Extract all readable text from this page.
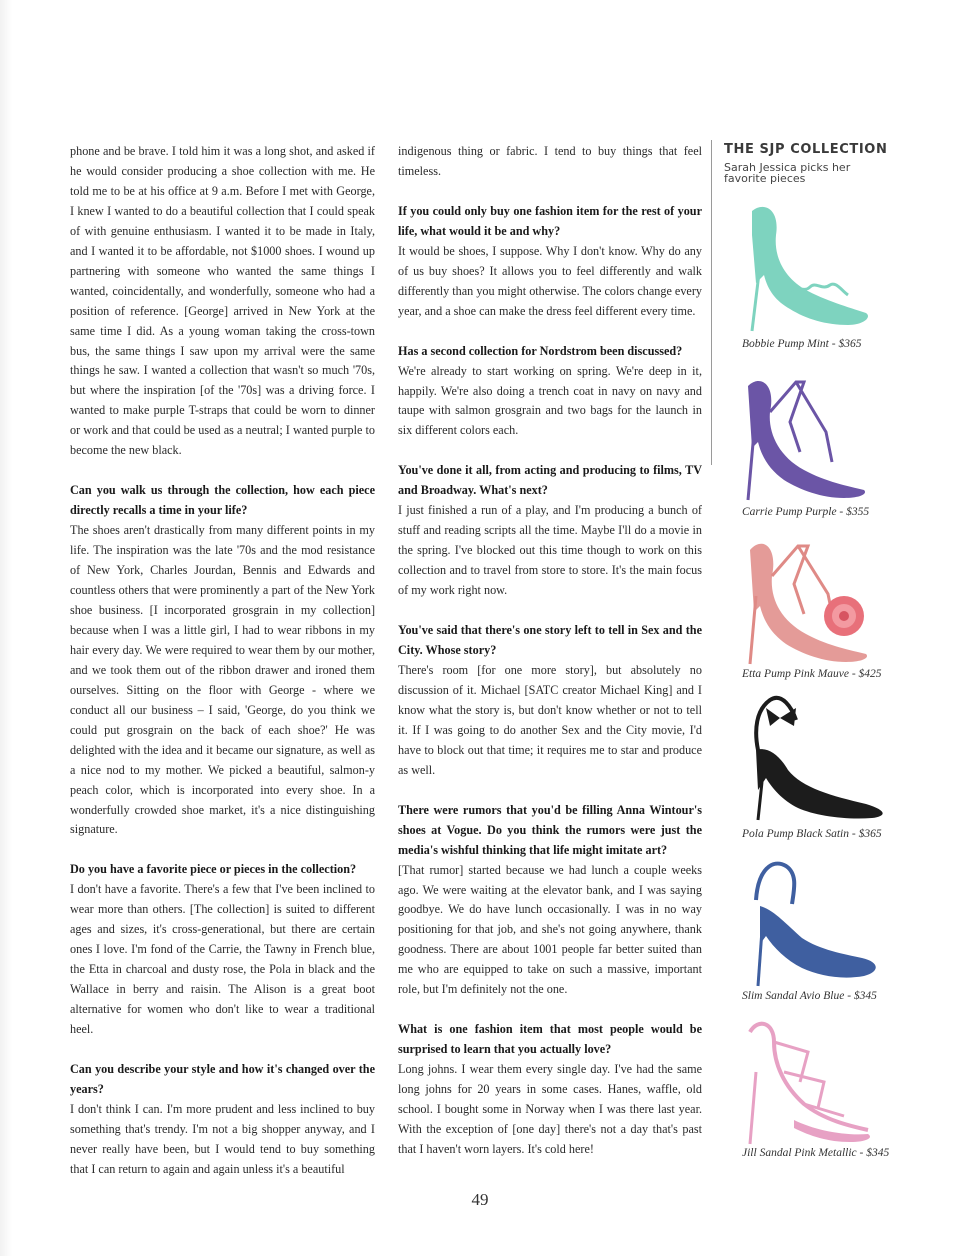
phone and be brave. I told him it was a long shot, and asked if he would consider producing a shoe collection with me. He told me to be at his office at 9 a.m. Before I met with George, I knew I wanted to do a beautiful collection that I could speak of with genuine enthusiasm. I wanted it to be made in Italy, and I wanted it to be affordable, not $1000 shoes. I wound up partnering with someone who wanted the same things I wanted, coincidentally, and wonderfully, someone who had a position of reference. [George] arrived in New York at the same time I did. As a young woman taking the cross-town bus, the same things I saw upon my arrival were the same things he saw. I wanted a collection that wasn't so much '70s, but where the inspiration [of the '70s] was a driving force. I wanted to make purple T-straps that could be worn to dinner or work and that could be used as a neutral; I wanted purple to become the new black.

Can you walk us through the collection, how each piece directly recalls a time in your life?

The shoes aren't drastically from many different points in my life. The inspiration was the late '70s and the mod resistance of New York, Charles Jourdan, Bennis and Edwards and countless others that were prominently a part of the New York shoe business. [I incorporated grosgrain in my collection] because when I was a little girl, I had to wear ribbons in my hair every day. We were required to wear them by our mother, and we took them out of the ribbon drawer and ironed them ourselves. Sitting on the floor with George - where we conduct all our business – I said, 'George, do you think we could put grosgrain on the back of each shoe?' He was delighted with the idea and it became our signature, as well as a nice nod to my mother. We picked a beautiful, salmon-y peach color, which is incorporated into every shoe. In a wonderfully crowded shoe market, it's a nice distinguishing signature.

Do you have a favorite piece or pieces in the collection?

I don't have a favorite. There's a few that I've been inclined to wear more than others. [The collection] is suited to different ages and sizes, it's cross-generational, but there are certain ones I love. I'm fond of the Carrie, the Tawny in French blue, the Etta in charcoal and dusty rose, the Pola in black and the Wallace in berry and raisin. The Alison is a great boot alternative for women who don't like to wear a traditional heel.

Can you describe your style and how it's changed over the years?

I don't think I can. I'm more prudent and less inclined to buy something that's trendy. I'm not a big shopper anyway, and I never really have been, but I would tend to buy something that I can return to again and again unless it's a beautiful

indigenous thing or fabric. I tend to buy things that feel timeless.

If you could only buy one fashion item for the rest of your life, what would it be and why?

It would be shoes, I suppose. Why I don't know. Why do any of us buy shoes? It allows you to feel differently and walk differently than you might otherwise. The colors change every year, and a shoe can make the dress feel different every time.

Has a second collection for Nordstrom been discussed?

We're already to start working on spring. We're deep in it, happily. We're also doing a trench coat in navy on navy and taupe with salmon grosgrain and two bags for the launch in six different colors each.

You've done it all, from acting and producing to films, TV and Broadway. What's next?

I just finished a run of a play, and I'm producing a bunch of stuff and reading scripts all the time. Maybe I'll do a movie in the spring. I've blocked out this time though to work on this collection and to travel from store to store. It's the main focus of my work right now.

You've said that there's one story left to tell in Sex and the City. Whose story?

There's room [for one more story], but absolutely no discussion of it. Michael [SATC creator Michael King] and I know what the story is, but don't know whether or not to tell it. If I was going to do another Sex and the City movie, I'd have to block out that time; it requires me to star and produce as well.

There were rumors that you'd be filling Anna Wintour's shoes at Vogue. Do you think the rumors were just the media's wishful thinking that life might imitate art?

[That rumor] started because we had lunch a couple weeks ago. We were waiting at the elevator bank, and I was saying goodbye. We do have lunch occasionally. I was in no way positioning for that job, and she's not going anywhere, thank goodness. There are about 1001 people far better suited than me who are equipped to take on such a massive, important role, but I'm definitely not the one.

What is one fashion item that most people would be surprised to learn that you actually love?

Long johns. I wear them every single day. I've had the same long johns for 20 years in some cases. Hanes, waffle, old school. I bought some in Norway when I was there last year. With the exception of [one day] there's not a day that's past that I haven't worn layers. It's cold here!

THE SJP COLLECTION

Sarah Jessica picks her
favorite pieces
Bobbie Pump Mint - $365
Carrie Pump Purple - $355
Etta Pump Pink Mauve - $425
Pola Pump Black Satin - $365
Slim Sandal Avio Blue - $345
Jill Sandal Pink Metallic - $345
49
